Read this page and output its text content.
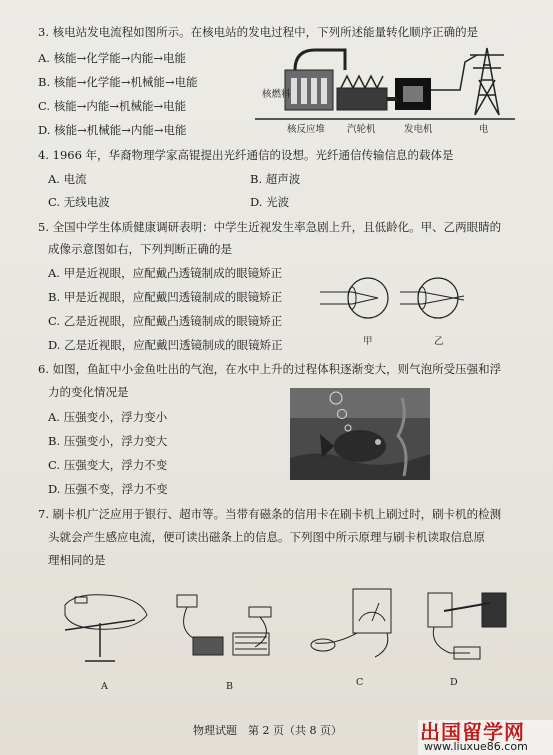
3. 核电站发电流程如图所示。在核电站的发电过程中，下列所述能量转化顺序正确的是
A. 核能→化学能→内能→电能
B. 核能→化学能→机械能→电能
C. 核能→内能→机械能→电能
D. 核能→机械能→内能→电能
核燃料
核反应堆 汽轮机	发电机	电
4. 1966 年，华裔物理学家高锟提出光纤通信的设想。光纤通信传输信息的载体是
A. 电流	B. 超声波
C. 无线电波	D. 光波
5. 全国中学生体质健康调研表明：中学生近视发生率急剧上升，且低龄化。甲、乙两眼睛的
成像示意图如右，下列判断正确的是
A. 甲是近视眼，应配戴凸透镜制成的眼镜矫正
B. 甲是近视眼，应配戴凹透镜制成的眼镜矫正
C. 乙是近视眼，应配戴凸透镜制成的眼镜矫正
D. 乙是近视眼，应配戴凹透镜制成的眼镜矫正	甲	乙
6. 如图，鱼缸中小金鱼吐出的气泡，在水中上升的过程体积逐渐变大，则气泡所受压强和浮
力的变化情况是
A. 压强变小，浮力变小
B. 压强变小，浮力变大
C. 压强变大，浮力不变
D. 压强不变，浮力不变
7. 刷卡机广泛应用于银行、超市等。当带有磁条的信用卡在刷卡机上刷过时，刷卡机的检测
头就会产生感应电流，便可读出磁条上的信息。下列图中所示原理与刷卡机读取信息原
理相同的是
A	B	C	D
物理试题　第 2 页（共 8 页）	出国留学网
www.liuxue86.com
